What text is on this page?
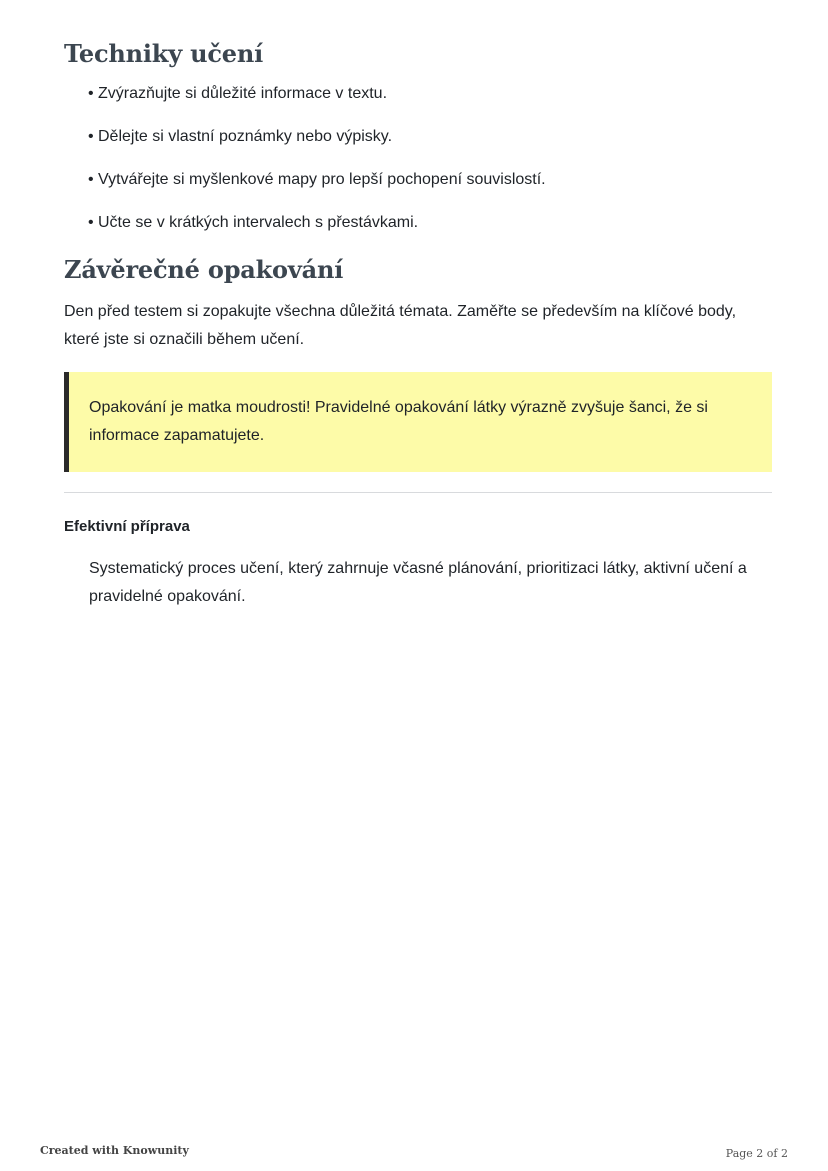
Techniky učení
• Zvýrazňujte si důležité informace v textu.
• Dělejte si vlastní poznámky nebo výpisky.
• Vytvářejte si myšlenkové mapy pro lepší pochopení souvislostí.
• Učte se v krátkých intervalech s přestávkami.
Závěrečné opakování

Den před testem si zopakujte všechna důležitá témata. Zaměřte se především na klíčové body, které jste si označili během učení.

Opakování je matka moudrosti! Pravidelné opakování látky výrazně zvyšuje šanci, že si informace zapamatujete.
Efektivní příprava
Systematický proces učení, který zahrnuje včasné plánování, prioritizaci látky, aktivní učení a pravidelné opakování.
Created with Knowunity	Page 2 of 2
